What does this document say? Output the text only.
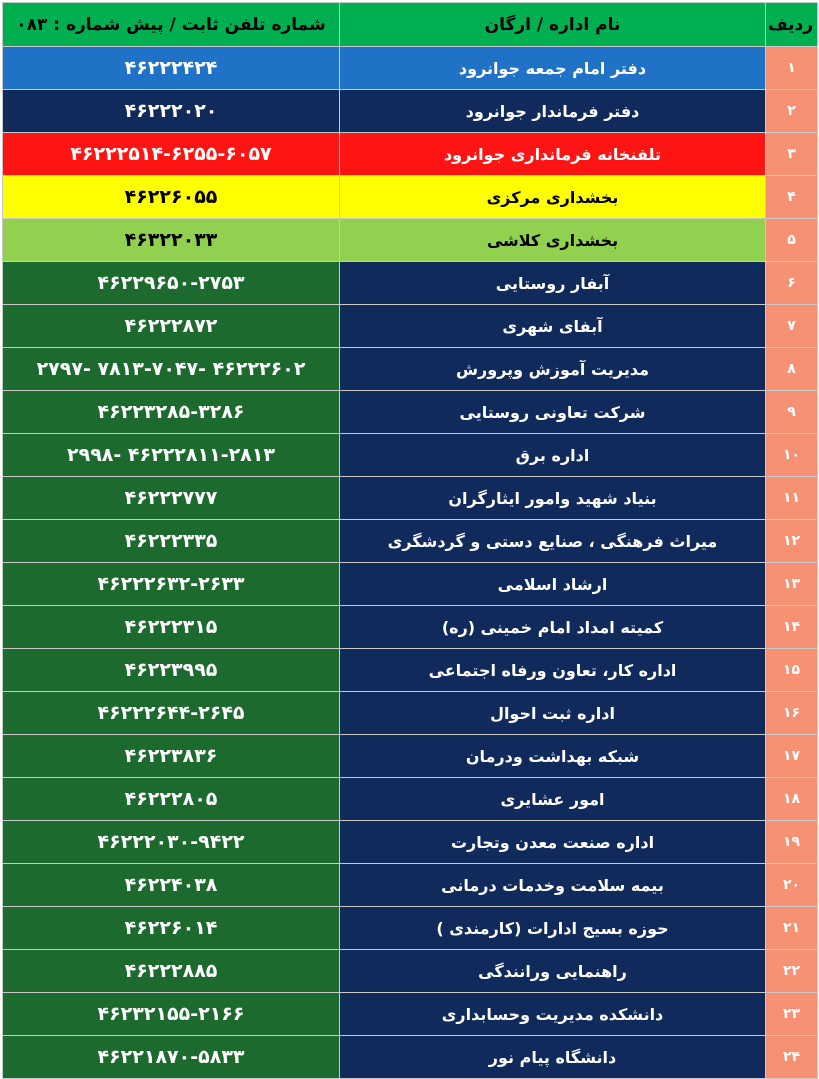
ردیف	نام اداره / ارگان	شماره تلفن ثابت / پیش شماره : ۰۸۳
۱	دفتر امام جمعه جوانرود	۴۶۲۲۲۴۲۴
۲	دفتر فرماندار جوانرود	۴۶۲۲۲۰۲۰
۳	تلفنخانه فرمانداری جوانرود	۴۶۲۲۲۵۱۴-۶۲۵۵-۶۰۵۷
۴	بخشداری مرکزی	۴۶۲۲۶۰۵۵
۵	بخشداری کلاشی	۴۶۳۲۲۰۳۳
۶	آبفار روستایی	۴۶۲۲۹۶۵۰-۲۷۵۳
۷	آبفای شهری	۴۶۲۲۲۸۷۲
۸	مدیریت آموزش وپرورش	۴۶۲۲۲۶۰۲ -۷۸۱۳-۷۰۴۷ -۲۷۹۷
۹	شرکت تعاونی روستایی	۴۶۲۲۳۲۸۵-۳۲۸۶
۱۰	اداره برق	۴۶۲۲۲۸۱۱-۲۸۱۳ -۲۹۹۸
۱۱	بنیاد شهید وامور ایثارگران	۴۶۲۲۲۷۷۷
۱۲	میراث فرهنگی ، صنایع دستی و گردشگری	۴۶۲۲۲۳۳۵
۱۳	ارشاد اسلامی	۴۶۲۲۲۶۳۲-۲۶۳۳
۱۴	کمیته امداد امام خمینی (ره)	۴۶۲۲۲۳۱۵
۱۵	اداره کار، تعاون ورفاه اجتماعی	۴۶۲۲۳۹۹۵
۱۶	اداره ثبت احوال	۴۶۲۲۲۶۴۴-۲۶۴۵
۱۷	شبکه بهداشت ودرمان	۴۶۲۲۳۸۳۶
۱۸	امور عشایری	۴۶۲۲۲۸۰۵
۱۹	اداره صنعت معدن وتجارت	۴۶۲۲۲۰۳۰-۹۴۲۲
۲۰	بیمه سلامت وخدمات درمانی	۴۶۲۲۴۰۳۸
۲۱	حوزه بسیج ادارات (کارمندی )	۴۶۲۲۶۰۱۴
۲۲	راهنمایی ورانندگی	۴۶۲۲۲۸۸۵
۲۳	دانشکده مدیریت وحسابداری	۴۶۲۳۲۱۵۵-۲۱۶۶
۲۴	دانشگاه پیام نور	۴۶۲۲۱۸۷۰-۵۸۳۳
